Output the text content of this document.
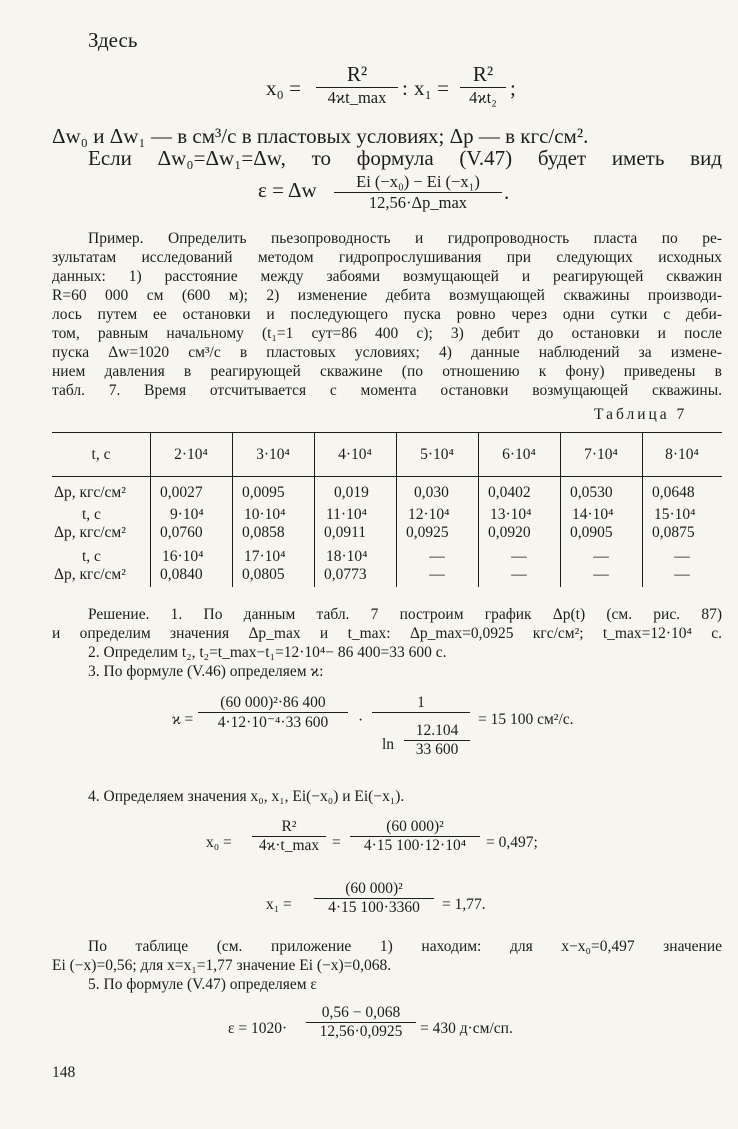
Здесь
x₀ =
R²
4ϰt_max : x₁ =
R²
4ϰt₂ ;
Δw₀ и Δw₁ — в см³/с в пластовых условиях; Δp — в кгс/см².
Если Δw₀=Δw₁=Δw, то формула (V.47) будет иметь вид
ε = Δw	Ei (−x₀) − Ei (−x₁)
12,56·Δp_max	.
Пример. Определить пьезопроводность и гидропроводность пласта по ре-
зультатам исследований методом гидропрослушивания при следующих исходных
данных: 1) расстояние между забоями возмущающей и реагирующей скважин
R=60 000 см (600 м); 2) изменение дебита возмущающей скважины производи-
лось путем ее остановки и последующего пуска ровно через одни сутки с деби-
том, равным начальному (t₁=1 сут=86 400 с); 3) дебит до остановки и после
пуска Δw=1020 см³/с в пластовых условиях; 4) данные наблюдений за измене-
нием давления в реагирующей скважине (по отношению к фону) приведены в
табл. 7. Время отсчитывается с момента остановки возмущающей скважины.
Таблица 7
t, с	2·10⁴	3·10⁴	4·10⁴	5·10⁴	6·10⁴	7·10⁴	8·10⁴
Δp, кгс/см² 0,0027	0,0095	0,019	0,030	0,0402	0,0530	0,0648
t, с	9·10⁴	10·10⁴	11·10⁴	12·10⁴	13·10⁴	14·10⁴	15·10⁴
Δp, кгс/см² 0,0760	0,0858	0,0911	0,0925	0,0920	0,0905	0,0875
t, с	16·10⁴	17·10⁴	18·10⁴	—	—	—	—
Δp, кгс/см² 0,0840	0,0805	0,0773	—	—	—	—
Решение. 1. По данным табл. 7 построим график Δp(t) (см. рис. 87)
и определим значения Δp_max и t_max: Δp_max=0,0925 кгс/см²; t_max=12·10⁴ с.
2. Определим t₂, t₂=t_max−t₁=12·10⁴− 86 400=33 600 с.
3. По формуле (V.46) определяем ϰ:
ϰ =
(60 000)²·86 400
4·12·10⁻⁴·33 600	·
1
ln
12.104
33 600
= 15 100 см²/с.
4. Определяем значения x₀, x₁, Ei(−x₀) и Ei(−x₁).
x₀ =
R²
4ϰ·t_max =
(60 000)²
4·15 100·12·10⁴	= 0,497;
x₁ =
(60 000)²
4·15 100·3360	= 1,77.
По таблице (см. приложение 1) находим: для x−x₀=0,497 значение
Ei (−x)=0,56; для x=x₁=1,77 значение Ei (−x)=0,068.
5. По формуле (V.47) определяем ε
ε = 1020·
0,56 − 0,068
12,56·0,0925	= 430 д·см/сп.
148
